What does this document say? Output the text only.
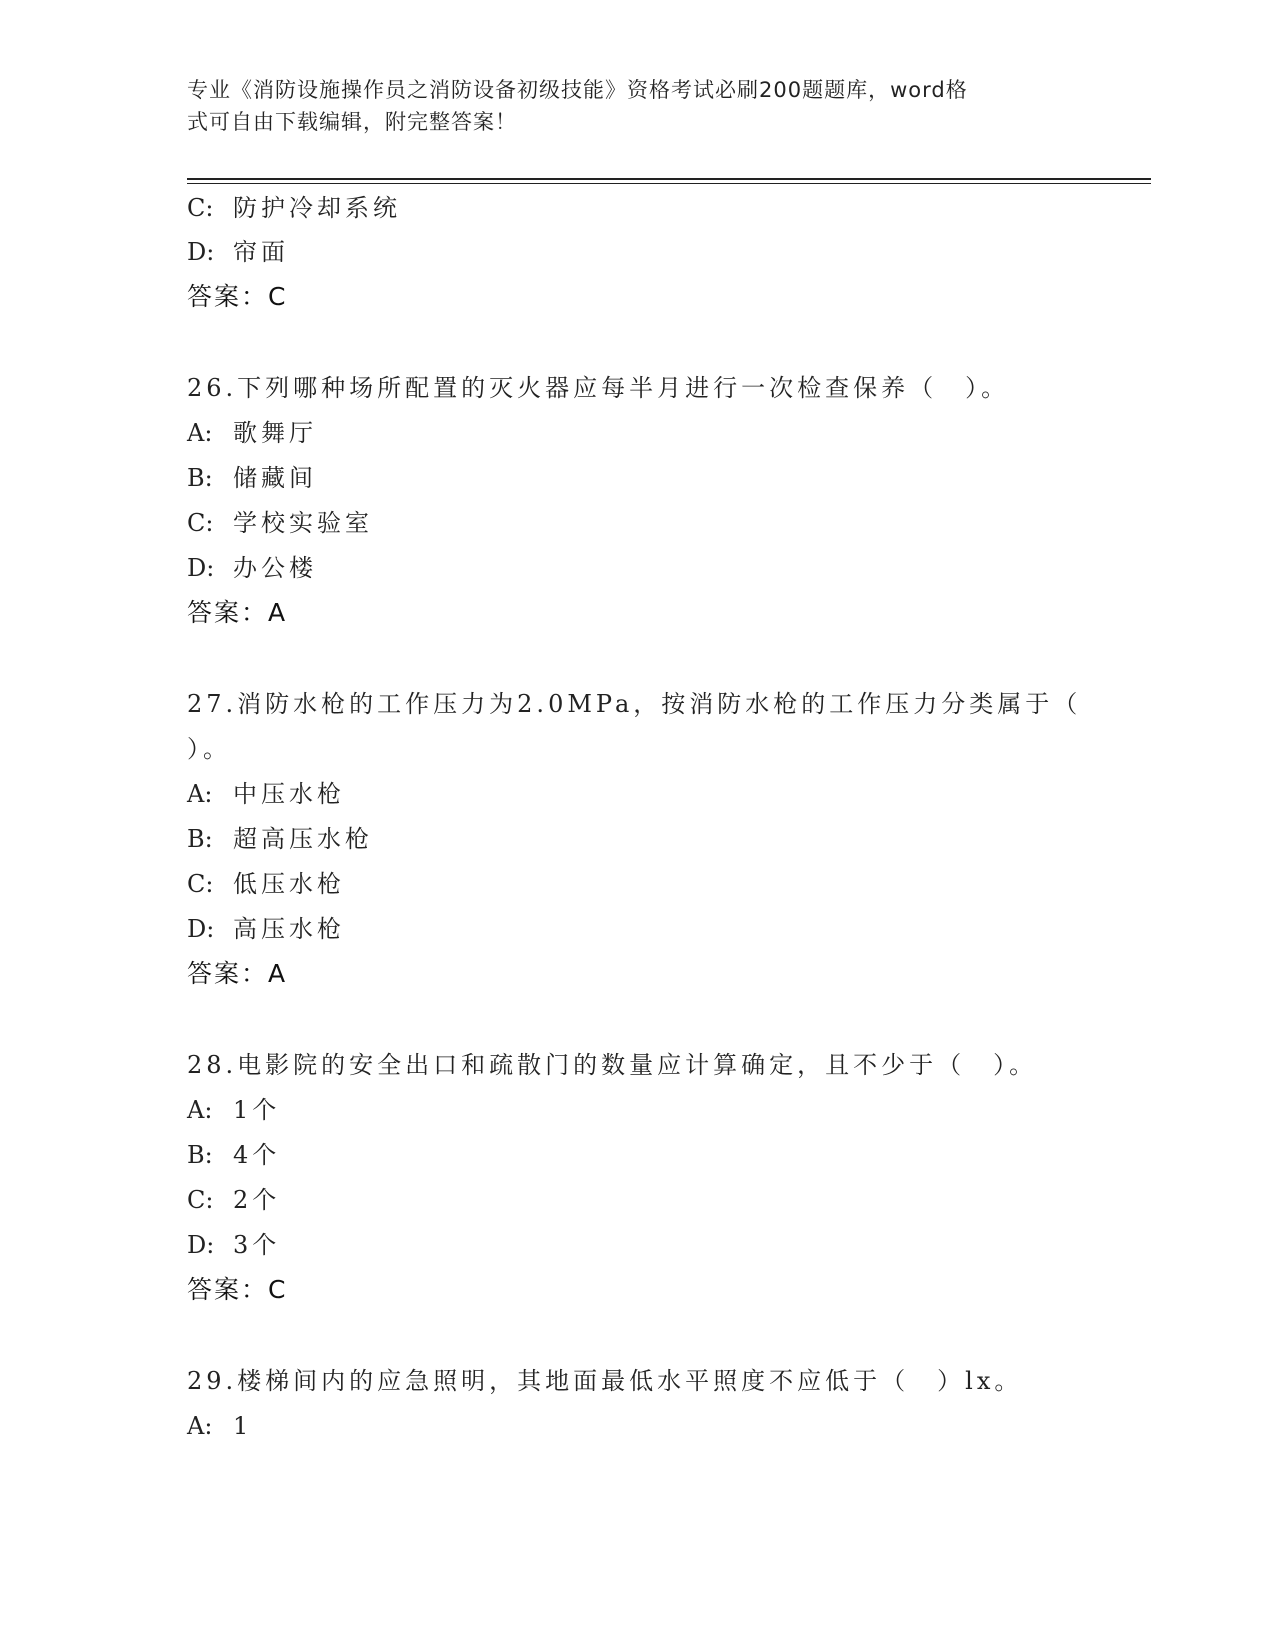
专业《消防设施操作员之消防设备初级技能》资格考试必刷200题题库，word格
式可自由下载编辑，附完整答案！
C: 防护冷却系统
D: 帘面
答案：C
26.下列哪种场所配置的灭火器应每半月进行一次检查保养（　）。
A: 歌舞厅
B: 储藏间
C: 学校实验室
D: 办公楼
答案：A
27.消防水枪的工作压力为2.0MPa，按消防水枪的工作压力分类属于（
）。
A: 中压水枪
B: 超高压水枪
C: 低压水枪
D: 高压水枪
答案：A
28.电影院的安全出口和疏散门的数量应计算确定，且不少于（　）。
A: 1个
B: 4个
C: 2个
D: 3个
答案：C
29.楼梯间内的应急照明，其地面最低水平照度不应低于（　）lx。
A: 1
